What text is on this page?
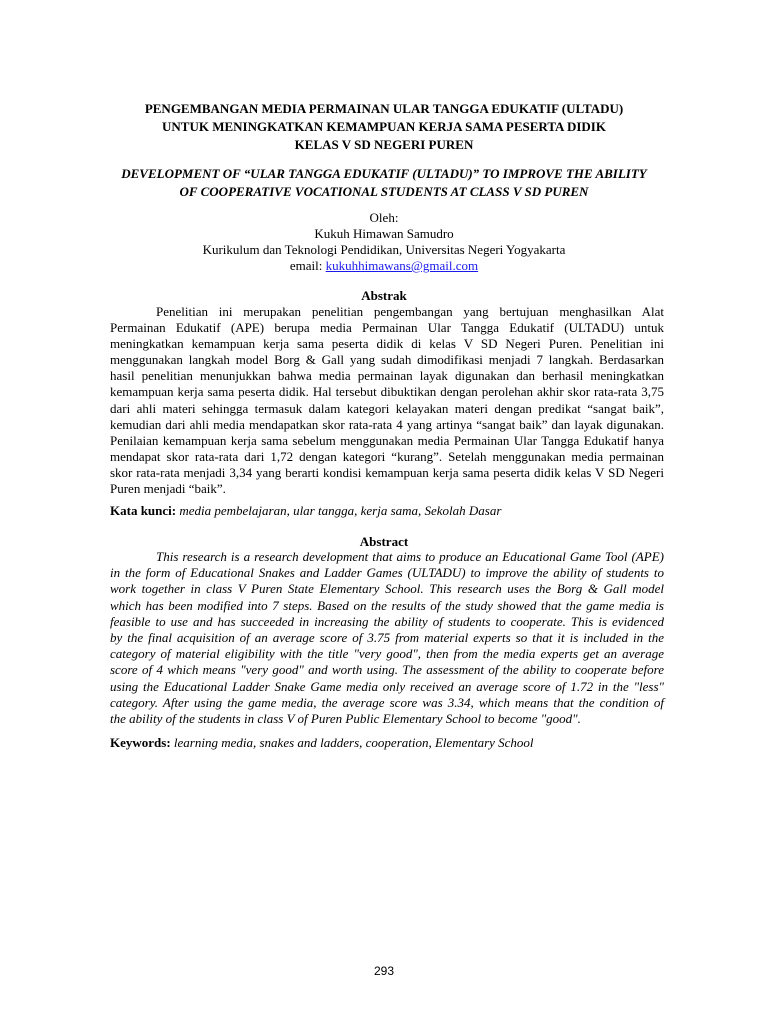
PENGEMBANGAN MEDIA PERMAINAN ULAR TANGGA EDUKATIF (ULTADU)
UNTUK MENINGKATKAN KEMAMPUAN KERJA SAMA PESERTA DIDIK
KELAS V SD NEGERI PUREN
DEVELOPMENT OF “ULAR TANGGA EDUKATIF (ULTADU)” TO IMPROVE THE ABILITY
OF COOPERATIVE VOCATIONAL STUDENTS AT CLASS V SD PUREN
Oleh:
Kukuh Himawan Samudro
Kurikulum dan Teknologi Pendidikan, Universitas Negeri Yogyakarta
email: kukuhhimawans@gmail.com
Abstrak
Penelitian ini merupakan penelitian pengembangan yang bertujuan menghasilkan Alat
Permainan Edukatif (APE) berupa media Permainan Ular Tangga Edukatif (ULTADU) untuk
meningkatkan kemampuan kerja sama peserta didik di kelas V SD Negeri Puren. Penelitian ini
menggunakan langkah model Borg & Gall yang sudah dimodifikasi menjadi 7 langkah. Berdasarkan
hasil penelitian menunjukkan bahwa media permainan layak digunakan dan berhasil meningkatkan
kemampuan kerja sama peserta didik. Hal tersebut dibuktikan dengan perolehan akhir skor rata-rata 3,75
dari ahli materi sehingga termasuk dalam kategori kelayakan materi dengan predikat “sangat baik”,
kemudian dari ahli media mendapatkan skor rata-rata 4 yang artinya “sangat baik” dan layak digunakan.
Penilaian kemampuan kerja sama sebelum menggunakan media Permainan Ular Tangga Edukatif hanya
mendapat skor rata-rata dari 1,72 dengan kategori “kurang”. Setelah menggunakan media permainan
skor rata-rata menjadi 3,34 yang berarti kondisi kemampuan kerja sama peserta didik kelas V SD Negeri
Puren menjadi “baik”.
Kata kunci: media pembelajaran, ular tangga, kerja sama, Sekolah Dasar
Abstract
This research is a research development that aims to produce an Educational Game Tool (APE)
in the form of Educational Snakes and Ladder Games (ULTADU) to improve the ability of students to
work together in class V Puren State Elementary School. This research uses the Borg & Gall model
which has been modified into 7 steps. Based on the results of the study showed that the game media is
feasible to use and has succeeded in increasing the ability of students to cooperate. This is evidenced
by the final acquisition of an average score of 3.75 from material experts so that it is included in the
category of material eligibility with the title "very good", then from the media experts get an average
score of 4 which means "very good" and worth using. The assessment of the ability to cooperate before
using the Educational Ladder Snake Game media only received an average score of 1.72 in the "less"
category. After using the game media, the average score was 3.34, which means that the condition of
the ability of the students in class V of Puren Public Elementary School to become "good".
Keywords: learning media, snakes and ladders, cooperation, Elementary School
293
